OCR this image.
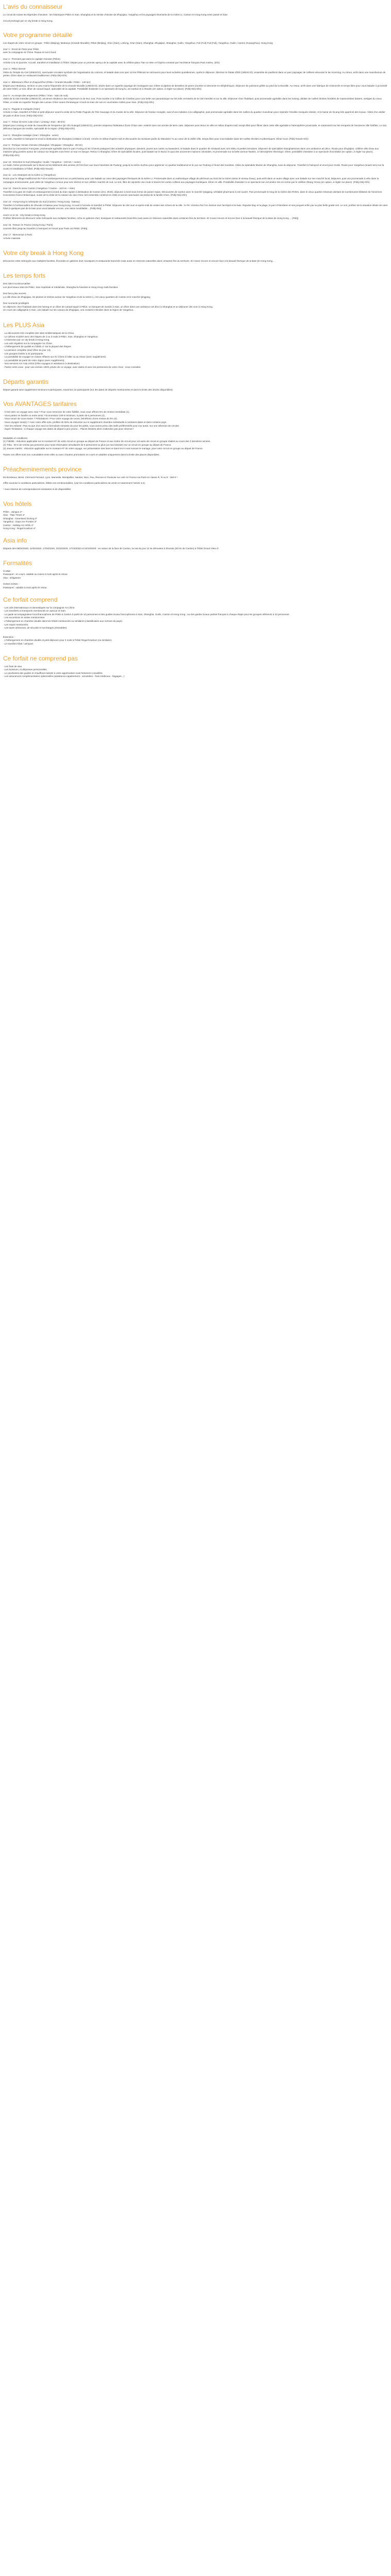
L'avis du connaisseur

Le circuit de toutes les légendes chinoises : les historiques Pékin et Xian, Shanghai et la Venise chinoise de Zhujiajiao, Yangshuo et les paysages étonnants de la rivière Li, Canton et Hong Kong entre passé et futur.

Circuit prolongé par un city break à Hong Kong.

Votre programme détaillé

Les étapes de votre circuit en groupe : Pékin (Beijing), Mutianyu (Grande Muraille), Pékin (Beijing), Xi'an (Xian), Lintong, Xi'an (Xian), Shanghai, Zhujiajiao, Shanghai, Guilin, Yangshuo, Fuli (Fuli) Fuli (Fuli), Yangshuo, Guilin, Canton (Guangzhou), Hong Kong

Jour 1 : Envol de Paris pour Pékin
avec la compagnie Air Chine. Repas et nuit à bord.
Jour 2 : Premiers pas dans la capitale chinoise (Pékin)
Arrivée à la mi-journée. Accueil, transfert et installation à l'hôtel. Départ pour un premier aperçu de la capitale avec la célèbre place Tian An Men et l'Opéra construit par l'architecte français Paul Andreu. (Dîn)
Jour 3 : Pékin éternel
Visite du Temple du Ciel (UNESCO), sanctuaire circulaire symbole de l'organisation du cosmos, et balade dans son parc où les Pékinois se retrouvent pour leurs activités quotidiennes. Après le déjeuner, direction le Palais d'Été (UNESCO), ensemble de pavillons dans un parc paysager de collines entourant le lac Kunming. Au retour, arrêt dans une manufacture de perles. Dîner dans un restaurant traditionnel. (Pdéj+Déj+Dîn)
Jour 4 : Bâtisseurs d'hier et d'aujourd'hui (Pékin / Grande Muraille / Pékin - 140 km)
Départ pour Mutianyu, section un peu moins fréquentée de la Grande Muraille (UNESCO), située dans un superbe paysage de montagnes aux crêtes sculptées de dentelles de pierre (montée et descente en téléphérique). Déjeuner de poissons grillés au pied de la Muraille. Au retour, arrêt dans une fabrique de cloisonnés et temps libre pour vous balader à proximité de votre hôtel. Le soir, dîner de canard laqué, spécialité de la capitale. Possibilité d'assister à un spectacle de kung-fu, art martial né à Shaolin (en option, à régler sur place). (Pdéj+Déj+Dîn)
Jour 5 : Au temps des empereurs (Pékin / Xi'an - train de nuit)
Visite de la Cité Interdite (UNESCO), ancienne résidence des empereurs et de leur cour. Puis montée à la Colline de Charbon pour une belle vue panoramique sur les toits vernissés de la Cité Interdite et sur la ville. Déjeuner chez l'habitant, puis promenade agréable dans les hutong, dédale de ruelles étroites bordées de maisonnettes basses, vestiges du vieux Pékin, et visite du superbe Temple des Lamas. Dîner avant d'embarquer à bord du train de nuit en couchettes molles pour Xian. (Pdéj+Déj+Dîn)
Jour 6 : Pagode et mosquée (Xian)
Arrivée à Xian, transfert à l'hôtel et petit déjeuner avant la visite de la Petite Pagode de l'Oie Sauvage et du musée de la ville. Déjeuner de fondue mongole, suivi d'une initiation à la calligraphie, puis promenade agréable dans les ruelles du quartier musulman pour rejoindre l'insolite mosquée sinisée, et le bazar de Xicang très apprécié des locaux. Visite d'un atelier de jade et dîner local. (Pdéj+Déj+Dîn)
Jour 7 : Trésor de terre cuite (Xian / Lintong / Xian - 80 km)
Départ pour Lintong et visite du mausolée de l'empereur Qin Shi Huangdi (UNESCO), premier empereur fédérateur d'une Chine unie, enterré avec son armée de terre cuite. Déjeuner puis retour en ville en milieu d'après-midi, temps libre pour flâner dans cette ville agréable à l'atmosphère provinciale, et notamment sur les remparts de l'ancienne ville fortifiée. Le soir, délicieux banquet de raviolis, spécialité de la région. (Pdéj+Déj+Dîn)
Jour 8 : Shanghai nostalgie (Xian / Shanghai - avion)
Le matin, transfert à l'aéroport et envol à destination de Shanghai (collation à bord). Arrivée en début d'après-midi et découverte du ravissant jardin du Mandarin Yu au cœur de la vieille ville, temps libre pour vous balader dans les ruelles étroites et pittoresques. Dîner local. (Pdéj+Snack+Dîn)
Jour 9 : Portique Venise chinoise (Shanghai / Zhujiajiao / Shanghai - 80 km)
Direction la Concession Française, promenade agréable dans le parc Fuxing où les Chinois pratiquent des activités physiques: dansent, jouent aux cartes ou bavardent, et balade dans le quartier de Xintiandi avec ses shiku et petites terrasses. Déjeuner de spécialités shanghaiennes dans une ambiance art déco. Route pour Zhujiajiao, célèbre ville d'eau aux maisons Qing posées autour de canaux sur lesquels vous ferez un tour en barque. Retour à Shanghai. Dîner de spécialités locales, puis balade sur le Bund, le quai des anciennes maisons coloniales, et promenade sur la belle avenue Nankin, à l'atmosphère électrique. Dîner, possibilité d'assister à un spectacle d'acrobatie (en option, à régler sur place). (Pdéj+Déj+Dîn)
Jour 10 : Direction le Sud (Shanghai / Guilin / Yangshuo - 140 km + avion)
Le matin, brève promenade sur le Bund où les bâtiments des années 20 font face aux tours futuristes de Pudong; jusqu'à la rivière Suzhou pour apprécier ce quartier traditionnel et la vue sur Pudong à l'écart des touristes. Visite du splendide Musée de Shanghai, suivi du déjeuner. Transfert à l'aéroport et envol pour Guilin. Route pour Yangshuo (snack servi sur la route) et installation à l'hôtel. (Pdéj+Déj+Snack)
Jour 11 : Les estampes de la rivière Li (Yangshuo)
Route pour le village traditionnel de Fuli et embarquement sur un petit bateau pour une balade au cœur des paysages féeriques de la rivière Li. Promenade dans un authentique village de pêcheurs au bord de la rivière (selon le niveau d'eau), puis arrêt dans un autre village avec une balade sur son marché local. Déjeuner, puis une promenade à vélo dans la campagne environnante, puis visite de Yangshuo connue pour ses rizières et son célèbre marché de nuit. Le soir, libre de rejoindre une route à travers les vertes collines aux paysages karstiques. Dîner en ville. Possibilité d'assister à un spectacle son et lumière mis en scène par le célèbre Zhang Yimou (en option, à régler sur place). (Pdéj+Déj+Dîn)
Jour 12 : Dans le vieux Canton (Yangshuo / Canton - 110 km + train)
Transfert à la gare de Guilin et embarquement à bord du train rapide à destination de Canton (env. 2h30), déjeuner à bord sous forme de panier repas. Découverte de Canton avec le marché Qingping, véritable pharmacie à ciel ouvert. Puis promenade le long de la rivière des Perles, dans le vieux quartier Shamian abritant de nombreuses bâtisses de l'ancienne Concession franco-britannique, suivie de la visite de la maison du clan Chen, bel ensemble construit en 1894 et ancien sanctuaire ancestral de la famille Chen. (Pdéj+Déj+Dîn)
Jour 13 : Hong Kong la métropole du Sud (Canton / Hong Kong - bateau)
Transfert à l'embarcadère de Shunde et bateau pour Hong Kong. Accueil à l'arrivée et transfert à l'hôtel. Déjeuner de dim sum et après-midi de visites des icônes de la ville : le Pic Victoria d'où l'on domine tout l'archipel et la baie, Repulse Bay et la plage, le port d'Aberdeen et ses jonques enfin par sa plus belle gratte-ciel. Le soir, profitez de la situation idéale de votre hôtel à quelques pas de la baie pour vous balader encore, une vision inoubliable... (Pdéj+Déj)
Jours 14 et 15 : City break à Hong Kong
Profitez librement de découvrir cette métropole aux multiples facettes, riche en galeries d'art, boutiques et restaurants branchés mais aussi en réserves naturelles dans certaines îles du territoire. Et n'avez encore et encore face à la beauté féerique de la Baie de Hong Kong ... (Pdéj)
Jour 16 : Retour en France (Hong Kong / Paris)
Journée libre jusqu'au transfert à l'aéroport et l'envol pour Paris via Pékin. (Pdéj)
Jour 17 : Bienvenue à Paris
Arrivée matinale.
Votre city break à Hong Kong

Découvrez cette métropole aux multiples facettes, fécondes en galeries d'art, boutiques et restaurants branchés mais aussi en réserves naturelles dans certaines îles du territoire. Et n'avez encore et encore face à la beauté féerique de la Baie de Hong Kong...

Les temps forts
Des sites incontournables
Les plus beaux sites de Pékin, Xian impériale et médiévale, Shanghai la futuriste et Hong Kong multi-facettes.
Des lieux plus secrets
La ville d'eau de Zhujiajiao, les plaines et rizières autour de Yangshuo et de la rivière Li, les vieux quartiers de Canton et le marché Qingping.
Des moments privilégiés
Un déjeuner chez l'habitant dans les hutong et un dîner de canard laqué à Pékin, un banquet de raviolis à Xian, un dîner dans une ambiance art déco à Shanghai et un déjeuner dim sum à Hong Kong.
Un cours de calligraphie à Xian, une balade sur les canaux de Zhujiajiao, une croisière intimiste dans la région de Yangshuo.
Les PLUS Asia
- La découverte très complète des sites emblématiques de la Chine.
- Le rythme modéré avec des étapes de 2 ou 3 nuits à Pékin, Xian, Shanghai et Yangshuo.
- L'extension par un city break à Hong Kong.
- Les vols réguliers sur la compagnie Air Chine.
- L'hébergement de qualité en hôtels 4* sur la plupart des étapes
- La pension complète (sauf dîner du jour 13).
- Les groupes limités à 22 participants
- La possibilité de voyager en classe Affaires sur Air Chine à l'aller ou au retour (avec supplément)
- La possibilité de partir de votre région (avec supplément)
- Nos services AAI Asia 24/24 (infos voyages et assistance à destination)
- Partez entre vous : pour une version 100% privée de ce voyage, avec dates et avec les personnes de votre choix : nous consulter.
Départs garantis

Départ garanti sans supplément minimum 6 participants, maximum 22 participants (sur les dates de départs mentionnées et dans la limite des stocks disponibles).

Vos AVANTAGES tarifaires
- C'est votre 1e voyage avec Asia ? Pour vous remercier de votre fidélité, nous vous offrons 5% de remise immédiate (1).
- Vous partez en famille ou entre amis ? Économisez 100 € minimum, à partir de 6 personnes (2).
- Vous venez de vous marier ? Félicitations ! Pour votre voyage de noces, bénéficiez d'une remise de 5% (3).
- Vous voyagez seul(e) ? Avec notre offre solo, profitez de 50% de réduction sur le supplément chambre individuelle à certaines dates et dans certains pays.
- Vive les enfants ! Pas ou que d'un seul un formulaire ramasse du pour les petits, nous avons prévu des tarifs préférentiels pour eux aussi, sur une sélection de circuits.
- Super Tentations : à chaque voyage ses dates de départ à prix promo... Places limitées alors n'attendez pas pour réserver !
Modalités et conditions:
(1) Fidélité : réduction applicable sur le montant HT de votre circuit en groupe au départ de France et aux rivière de circuit pour cet autre de circuit en groupe réalisé au cours des 3 dernières années.
(2) Tribu : 50 € de remise par personne pour toute réservation simultanée de 6 personnes ou plus (un seul dossier) sur un circuit en groupe au départ de France.
(3) Jeunes mariés : réduction applicable sur le montant HT de votre voyage, sur présentation des bans et dans les 6 mois suivant le mariage, pour votre circuit en groupe au départ de France.

Toutes ces offres sont non cumulables entre elles ou avec d'autres promotions en cours et valables uniquement dans la limite des places disponibles.

Préacheminements province

De Bordeaux, Brest, Clermont-Ferrand, Lyon, Marseille, Montpellier, Nantes, Nice, Pau, Rennes et Toulouse sur vols Air France via Paris en classe R, N ou E : 250 € *.

Offre soumise à conditions particulières, billets non remboursables, (voir les conditions particulières de vente et notamment l'article 3.2).

* sous réserve de correspondances existantes et de disponibilité.

Vos hôtels
Pékin : Jianguo 4*
Xian : Titan Times 4*
Shanghai : Greenland Jiulong 4*
Yangshuo : Days Inn Frontier 3*
Canton : Holiday Inn Shifu 4*
Hong Kong : Regal Kowloon 4*
Asia info

Départs des 08/04/2020, 11/04/2020, 17/04/2020, 10/10/2020, 17/10/2020 et 24/10/2020 : en raison de la foire de Canton, la nuit du jour 12 se déroulera à Shunde (30 km de Canton) à l'hôtel Grand View 4*.

Formalités
CHINE :
Passeport : en cours, valable au moins 6 mois après le retour.
Visa : obligatoire.
HONG KONG :
Passeport : valable 6 mois après le retour.
Ce forfait comprend
- Les vols internationaux et domestiques sur la compagnie Air Chine.
- Les transferts et transports mentionnés en autocar et train.
- Le guide accompagnateur local francophone de Pékin à Canton à partir de 10 personnes et des guides locaux francophones à Xian, Shanghai, Guilin, Canton et Hong Kong ; ou des guides locaux parlant français à chaque étape pour les groupes inférieurs à 10 personnes.
- Les excursions et visites mentionnées.
- L'hébergement en chambre double dans les hôtels mentionnés ou similaires (classification aux normes du pays).
- Les repas mentionnés.
- Les taxes aériennes, de sécurité et surcharges (révisables).
Extension :
- L'hébergement en chambre double et petit déjeuner pour 2 nuits à l'hôtel Regal Kowloon (ou similaire).
- Le transfert hôtel / aéroport.
Ce forfait ne comprend pas
- Les frais de visa
- Les boissons, et dépenses personnelles.
- Le pourboires des guides et chauffeurs laissés à votre appréciation mais fortement conseillés.
- Les assurances complémentaires optionnelles (assistance-rapatriement - annulation - frais médicaux - bagages...)
